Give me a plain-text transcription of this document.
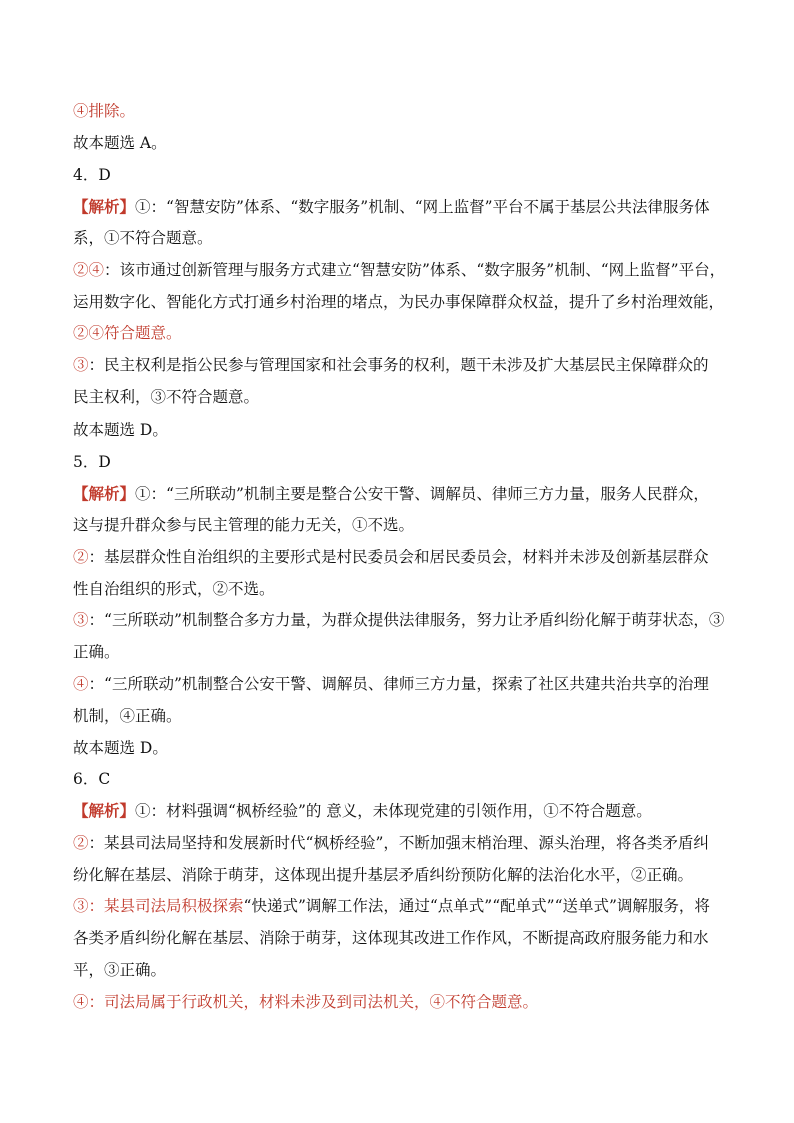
④排除。
故本题选 A。
4．D
【解析】①：“智慧安防”体系、“数字服务”机制、“网上监督”平台不属于基层公共法律服务体
系，①不符合题意。
②④：该市通过创新管理与服务方式建立“智慧安防”体系、“数字服务”机制、“网上监督”平台，
运用数字化、智能化方式打通乡村治理的堵点，为民办事保障群众权益，提升了乡村治理效能，
②④符合题意。
③：民主权利是指公民参与管理国家和社会事务的权利，题干未涉及扩大基层民主保障群众的
民主权利，③不符合题意。
故本题选 D。
5．D
【解析】①：“三所联动”机制主要是整合公安干警、调解员、律师三方力量，服务人民群众，
这与提升群众参与民主管理的能力无关，①不选。
②：基层群众性自治组织的主要形式是村民委员会和居民委员会，材料并未涉及创新基层群众
性自治组织的形式，②不选。
③：“三所联动”机制整合多方力量，为群众提供法律服务，努力让矛盾纠纷化解于萌芽状态，③
正确。
④：“三所联动”机制整合公安干警、调解员、律师三方力量，探索了社区共建共治共享的治理
机制，④正确。
故本题选 D。
6．C
【解析】①：材料强调“枫桥经验”的 意义，未体现党建的引领作用，①不符合题意。
②：某县司法局坚持和发展新时代“枫桥经验”，不断加强末梢治理、源头治理，将各类矛盾纠
纷化解在基层、消除于萌芽，这体现出提升基层矛盾纠纷预防化解的法治化水平，②正确。
③：某县司法局积极探索“快递式”调解工作法，通过“点单式”“配单式”“送单式”调解服务，将
各类矛盾纠纷化解在基层、消除于萌芽，这体现其改进工作作风，不断提高政府服务能力和水
平，③正确。
④：司法局属于行政机关，材料未涉及到司法机关，④不符合题意。
